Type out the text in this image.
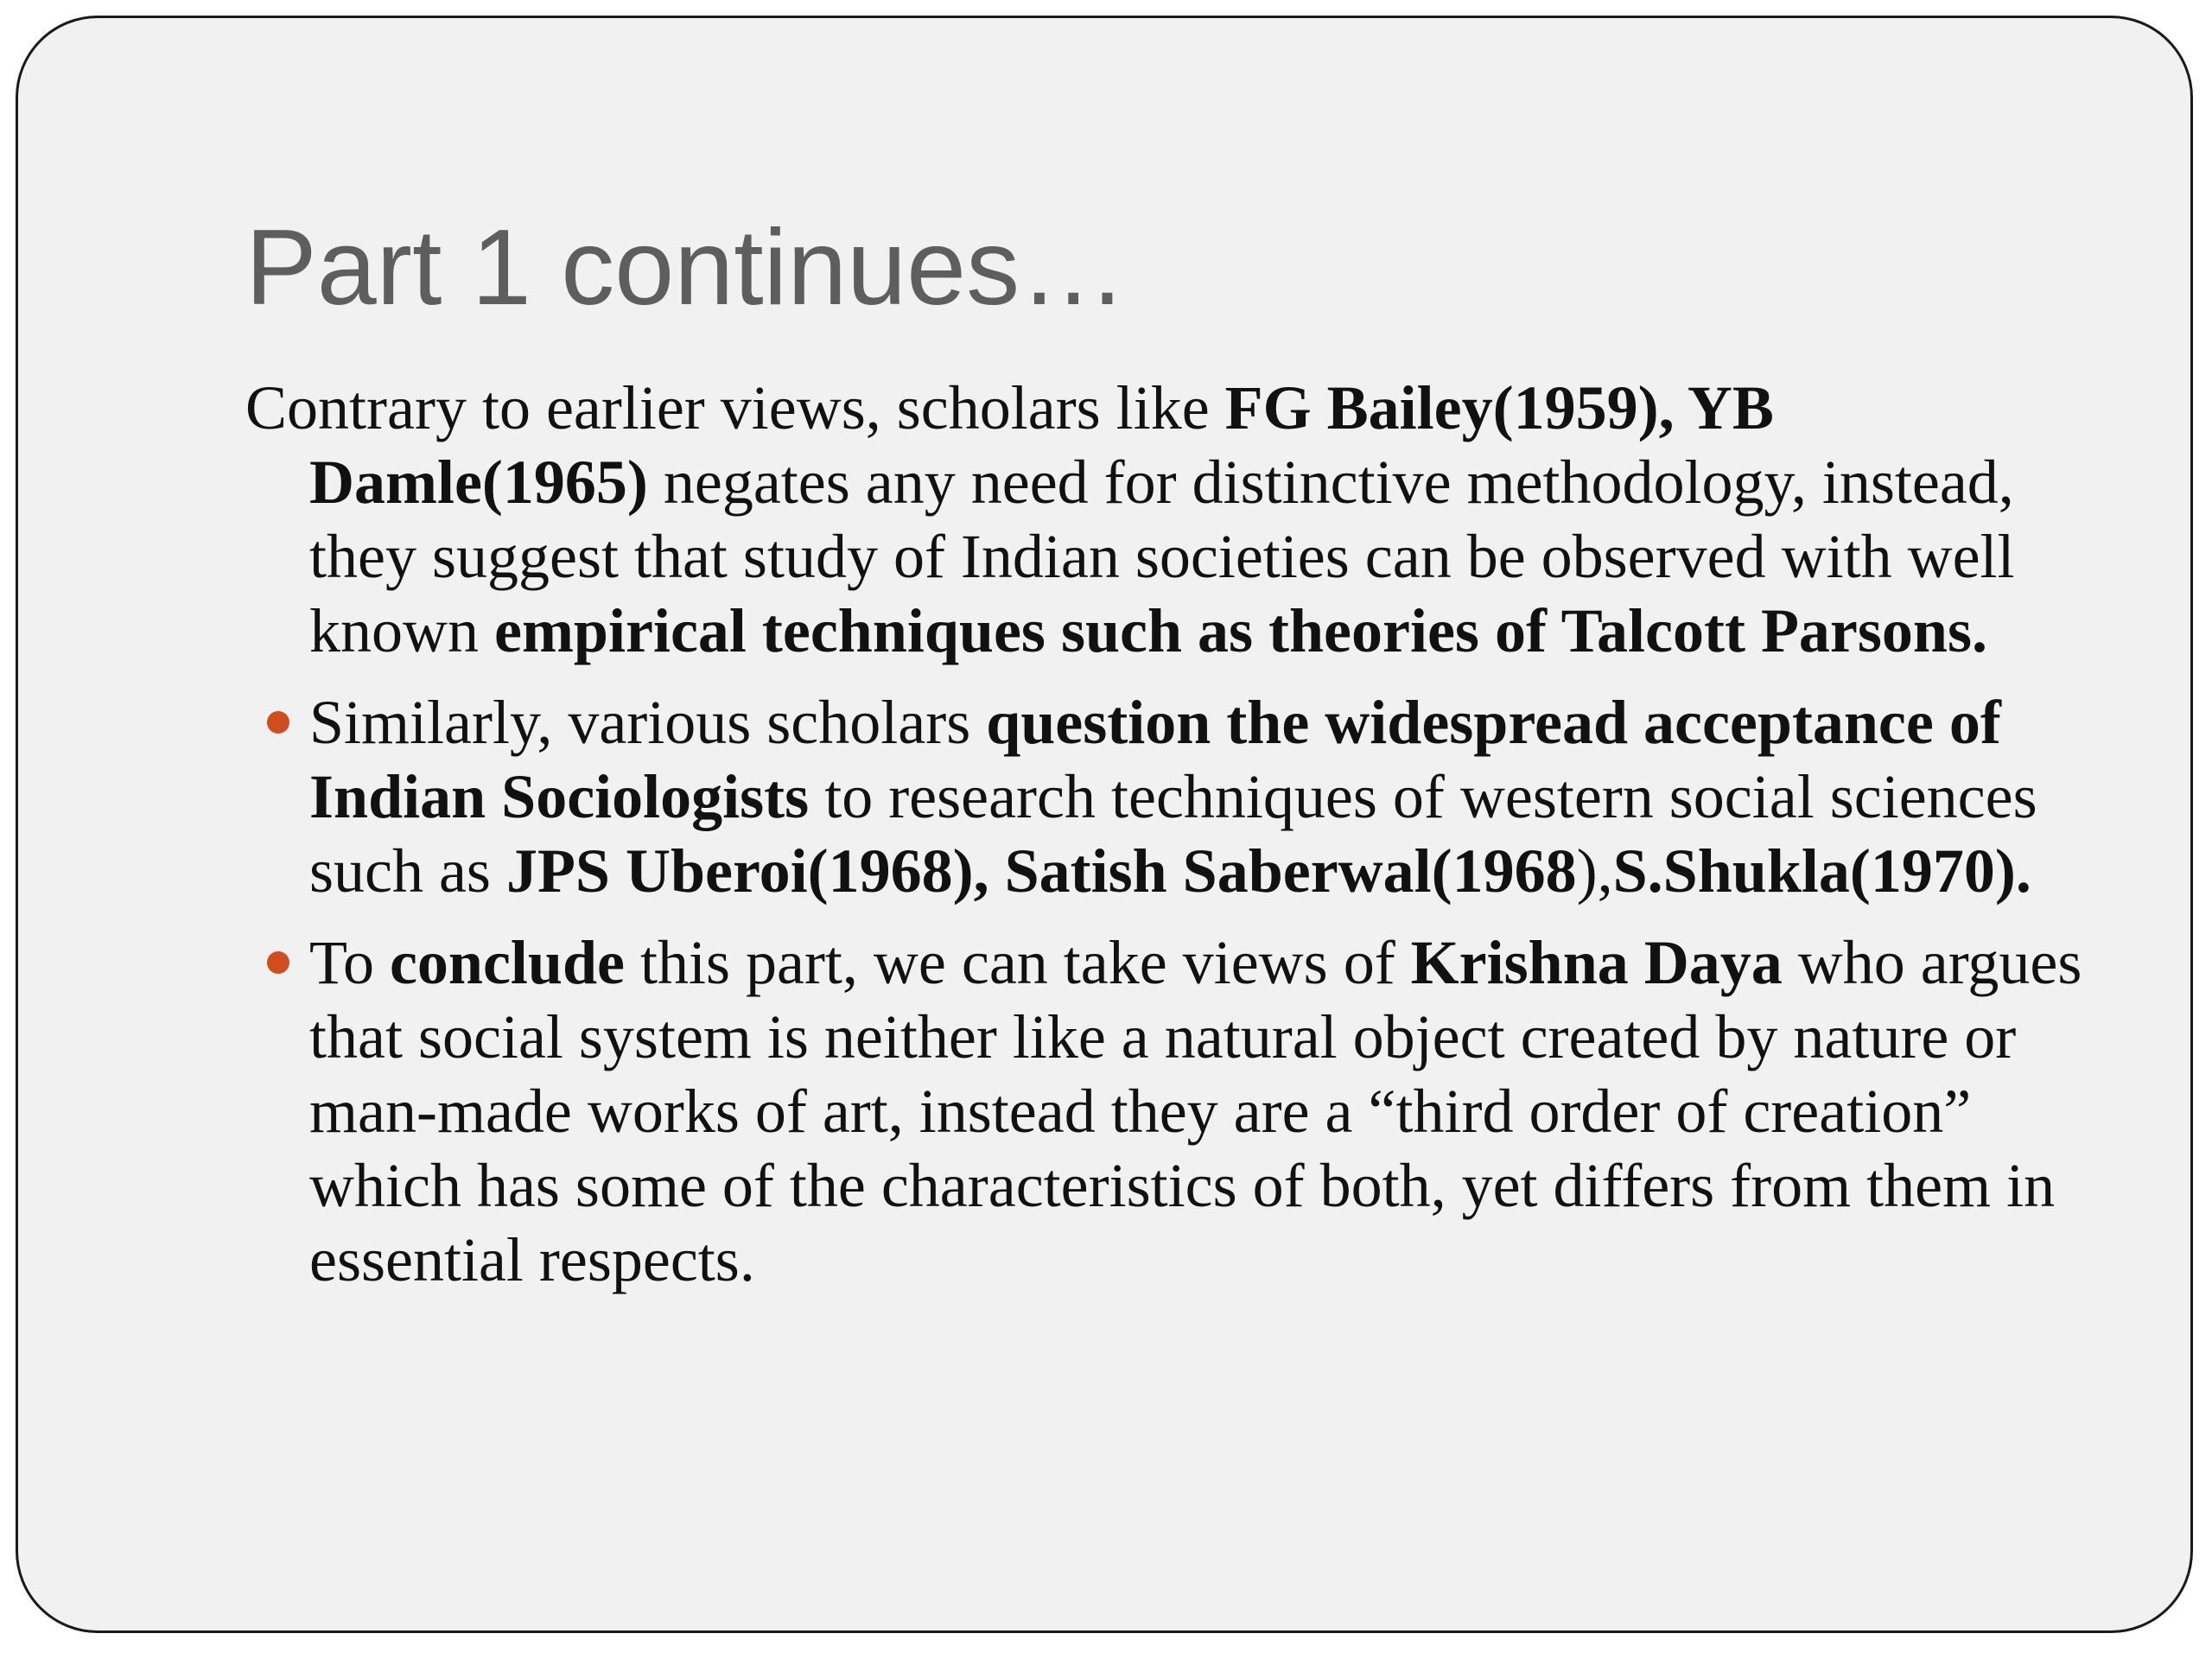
Part 1 continues…
Contrary to earlier views, scholars like FG Bailey(1959), YB Damle(1965) negates any need for distinctive methodology, instead, they suggest that study of Indian societies can be observed with well known empirical techniques such as theories of Talcott Parsons.
Similarly, various scholars question the widespread acceptance of Indian Sociologists to research techniques of western social sciences such as JPS Uberoi(1968), Satish Saberwal(1968),S.Shukla(1970).
To conclude this part, we can take views of Krishna Daya who argues that social system is neither like a natural object created by nature or man-made works of art, instead they are a “third order of creation” which has some of the characteristics of both, yet differs from them in essential respects.
